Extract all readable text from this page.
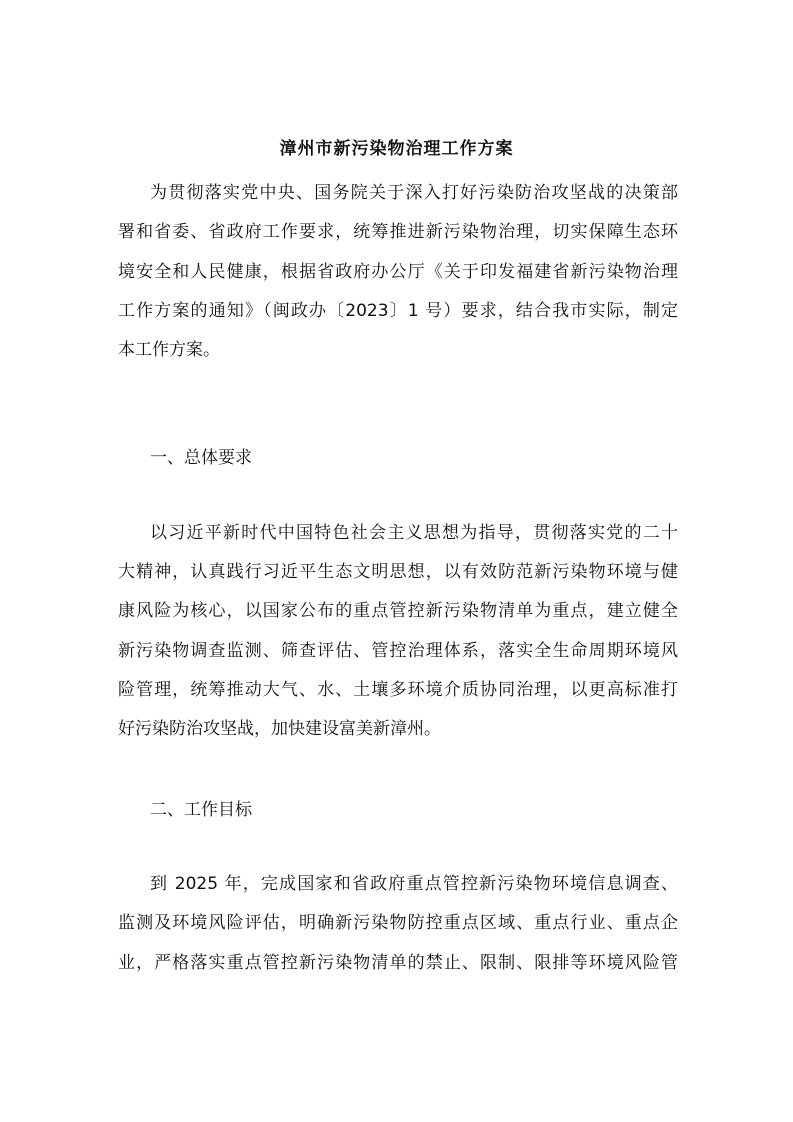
漳州市新污染物治理工作方案

为贯彻落实党中央、国务院关于深入打好污染防治攻坚战的决策部

署和省委、省政府工作要求，统筹推进新污染物治理，切实保障生态环

境安全和人民健康，根据省政府办公厅《关于印发福建省新污染物治理

工作方案的通知》（闽政办〔2023〕1 号）要求，结合我市实际，制定

本工作方案。

一、总体要求

以习近平新时代中国特色社会主义思想为指导，贯彻落实党的二十

大精神，认真践行习近平生态文明思想，以有效防范新污染物环境与健

康风险为核心，以国家公布的重点管控新污染物清单为重点，建立健全

新污染物调查监测、筛查评估、管控治理体系，落实全生命周期环境风

险管理，统筹推动大气、水、土壤多环境介质协同治理，以更高标准打

好污染防治攻坚战，加快建设富美新漳州。

二、工作目标

到 2025 年，完成国家和省政府重点管控新污染物环境信息调查、

监测及环境风险评估，明确新污染物防控重点区域、重点行业、重点企

业，严格落实重点管控新污染物清单的禁止、限制、限排等环境风险管
